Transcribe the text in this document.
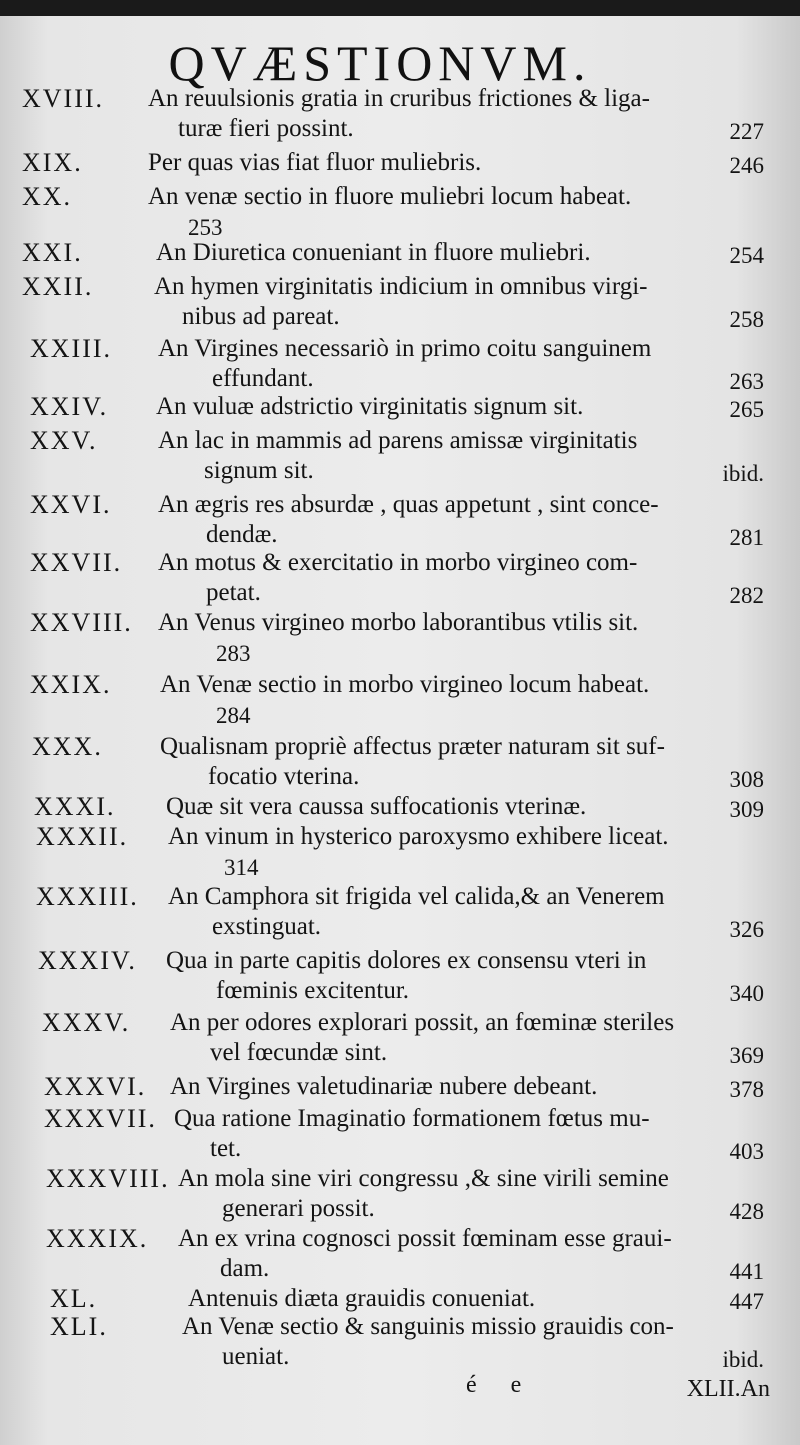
QVÆSTIONVM.
XVIII. An reuulsionis gratia in cruribus frictiones & liga-
turæ fieri possint.	227
XIX.	Per quas vias fiat fluor muliebris.	246
XX.	An venæ sectio in fluore muliebri locum habeat.
253
XXI.	An Diuretica conueniant in fluore muliebri.	254
XXII. An hymen virginitatis indicium in omnibus virgi-
nibus ad pareat.	258
XXIII. An Virgines necessariò in primo coitu sanguinem
effundant.	263
XXIV. An vuluæ adstrictio virginitatis signum sit.	265
XXV. An lac in mammis ad parens amissæ virginitatis
signum sit.	ibid.
XXVI. An ægris res absurdæ , quas appetunt , sint conce-
dendæ.	281
XXVII. An motus & exercitatio in morbo virgineo com-
petat.	282
XXVIII. An Venus virgineo morbo laborantibus vtilis sit.
283
XXIX. An Venæ sectio in morbo virgineo locum habeat.
284
XXX. Qualisnam propriè affectus præter naturam sit suf-
focatio vterina.	308
XXXI. Quæ sit vera caussa suffocationis vterinæ.	309
XXXII. An vinum in hysterico paroxysmo exhibere liceat.
314
XXXIII. An Camphora sit frigida vel calida,& an Venerem
exstinguat.	326
XXXIV. Qua in parte capitis dolores ex consensu vteri in
fœminis excitentur.	340
XXXV. An per odores explorari possit, an fœminæ steriles
vel fœcundæ sint.	369
XXXVI. An Virgines valetudinariæ nubere debeant.	378
XXXVII. Qua ratione Imaginatio formationem fœtus mu-
tet.	403
XXXVIII. An mola sine viri congressu ,& sine virili semine
generari possit.	428
XXXIX. An ex vrina cognosci possit fœminam esse graui-
dam.	441
XL.	Antenuis diæta grauidis conueniat.	447
XLI.	An Venæ sectio & sanguinis missio grauidis con-
ueniat.	ibid.
é e	XLII.An
